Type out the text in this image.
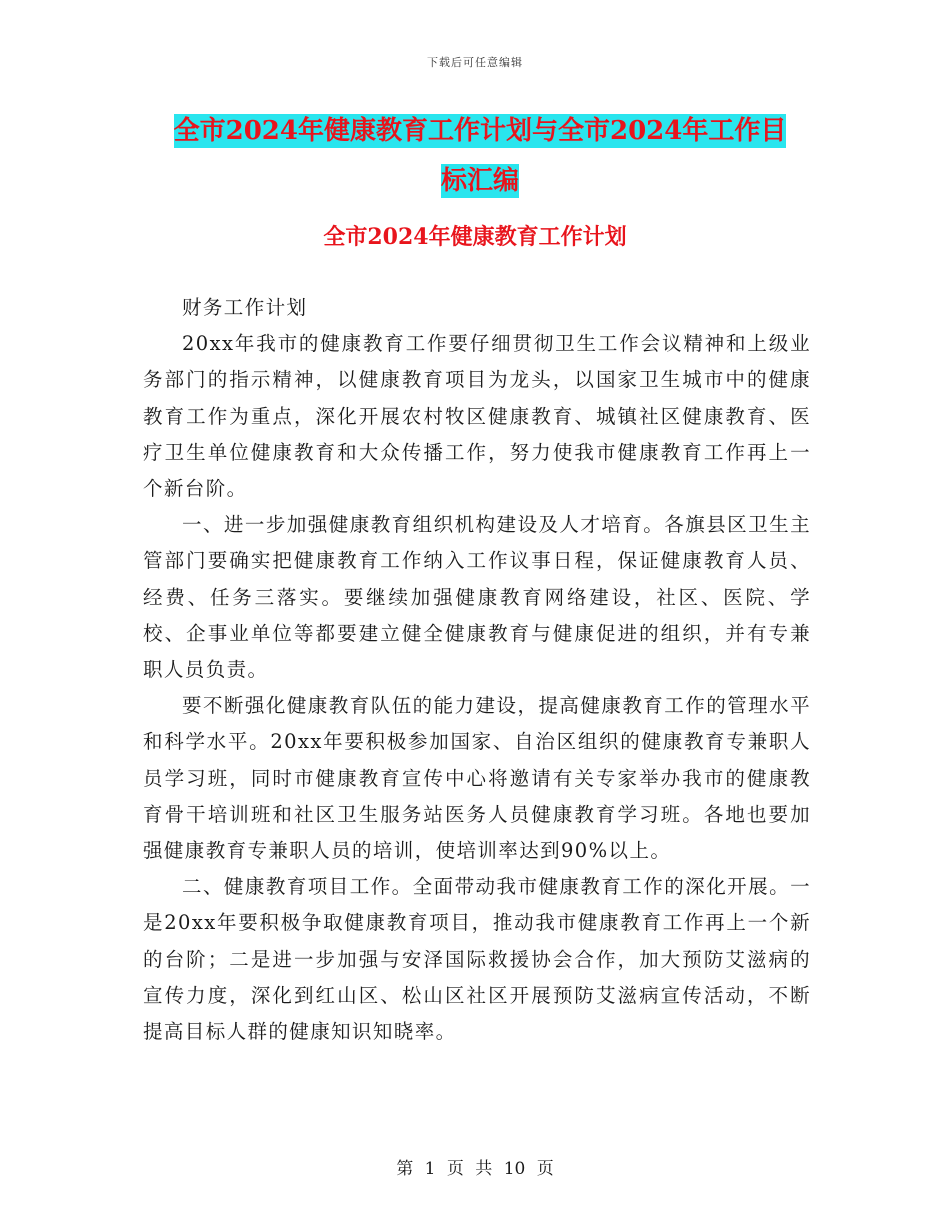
下载后可任意编辑
全市2024年健康教育工作计划与全市2024年工作目
标汇编
全市2024年健康教育工作计划

财务工作计划

20xx年我市的健康教育工作要仔细贯彻卫生工作会议精神和上级业务部门的指示精神，以健康教育项目为龙头，以国家卫生城市中的健康教育工作为重点，深化开展农村牧区健康教育、城镇社区健康教育、医疗卫生单位健康教育和大众传播工作，努力使我市健康教育工作再上一个新台阶。

一、进一步加强健康教育组织机构建设及人才培育。各旗县区卫生主管部门要确实把健康教育工作纳入工作议事日程，保证健康教育人员、经费、任务三落实。要继续加强健康教育网络建设，社区、医院、学校、企事业单位等都要建立健全健康教育与健康促进的组织，并有专兼职人员负责。

要不断强化健康教育队伍的能力建设，提高健康教育工作的管理水平和科学水平。20xx年要积极参加国家、自治区组织的健康教育专兼职人员学习班，同时市健康教育宣传中心将邀请有关专家举办我市的健康教育骨干培训班和社区卫生服务站医务人员健康教育学习班。各地也要加强健康教育专兼职人员的培训，使培训率达到90%以上。

二、健康教育项目工作。全面带动我市健康教育工作的深化开展。一是20xx年要积极争取健康教育项目，推动我市健康教育工作再上一个新的台阶；二是进一步加强与安泽国际救援协会合作，加大预防艾滋病的宣传力度，深化到红山区、松山区社区开展预防艾滋病宣传活动，不断提高目标人群的健康知识知晓率。

第 1 页 共 10 页
